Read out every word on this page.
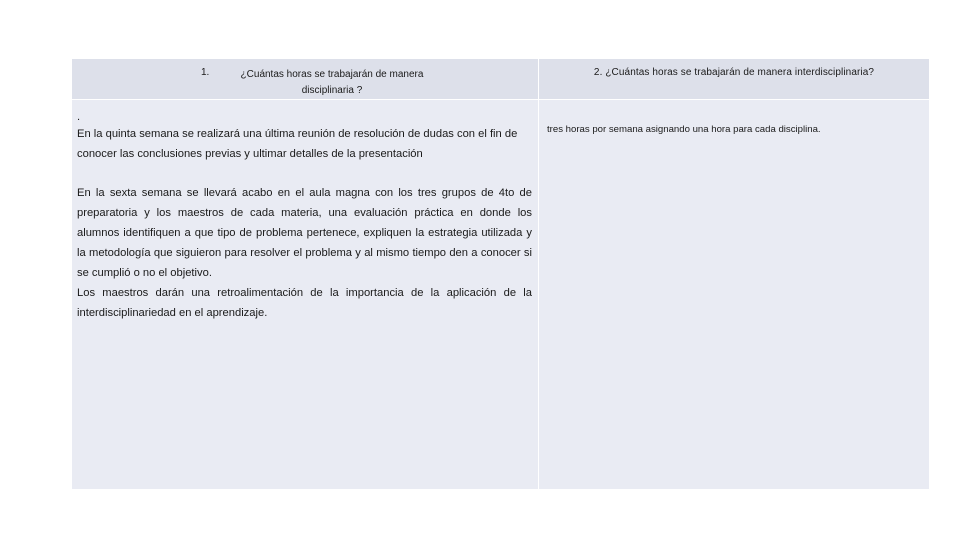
1. ¿Cuántas horas se trabajarán de manera disciplinaria ?	2. ¿Cuántas horas se trabajarán de manera interdisciplinaria?

.

En la quinta semana se realizará una última reunión de resolución de dudas con el fin de conocer las conclusiones previas y ultimar detalles de la presentación

En la sexta semana se llevará acabo en el aula magna con los tres grupos de 4to de preparatoria y los maestros de cada materia, una evaluación práctica en donde los alumnos identifiquen a que tipo de problema pertenece, expliquen la estrategia utilizada y la metodología que siguieron para resolver el problema y al mismo tiempo den a conocer si se cumplió o no el objetivo.

Los maestros darán una retroalimentación de la importancia de la aplicación de la interdisciplinariedad en el aprendizaje.	tres horas por semana asignando una hora para cada disciplina.
